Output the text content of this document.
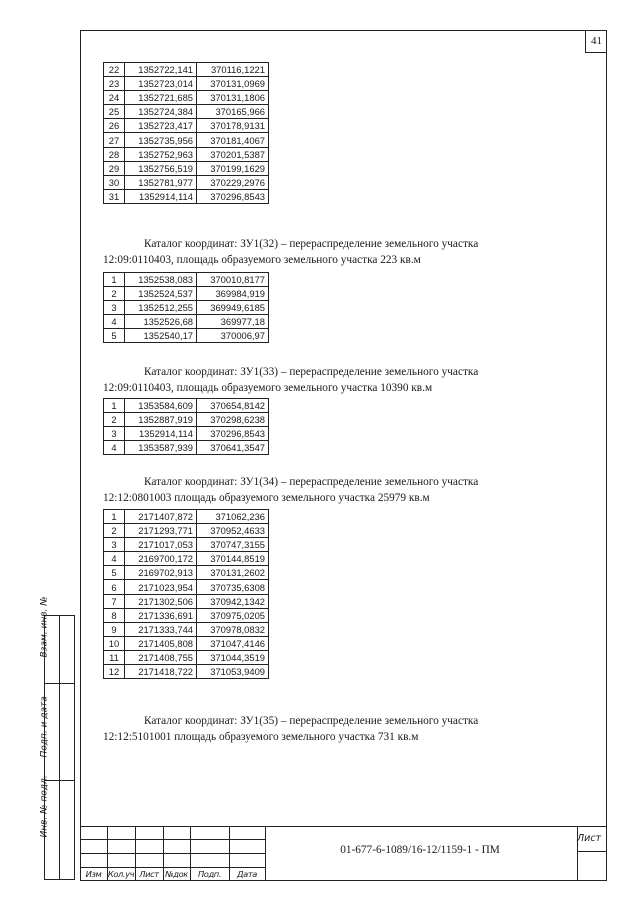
41
22	1352722,141	370116,1221
23	1352723,014	370131,0969
24	1352721,685	370131,1806
25	1352724,384	370165,966
26	1352723,417	370178,9131
27	1352735,956	370181,4067
28	1352752,963	370201,5387
29	1352756,519	370199,1629
30	1352781,977	370229,2976
31	1352914,114	370296,8543
1	1352538,083	370010,8177
2	1352524,537	369984,919
3	1352512,255	369949,6185
4	1352526,68	369977,18
5	1352540,17	370006,97
1	1353584,609	370654,8142
2	1352887,919	370298,6238
3	1352914,114	370296,8543
4	1353587,939	370641,3547
1	2171407,872	371062,236
2	2171293,771	370952,4633
3	2171017,053	370747,3155
4	2169700,172	370144,8519
5	2169702,913	370131,2602
6	2171023,954	370735,6308
7	2171302,506	370942,1342
8	2171336,691	370975,0205
9	2171333,744	370978,0832
10	2171405,808	371047,4146
11	2171408,755	371044,3519
12	2171418,722	371053,9409
Каталог координат: ЗУ1(32) – перераспределение земельного участка
12:09:0110403, площадь образуемого земельного участка 223 кв.м
Каталог координат: ЗУ1(33) – перераспределение земельного участка
12:09:0110403, площадь образуемого земельного участка 10390 кв.м
Каталог координат: ЗУ1(34) – перераспределение земельного участка
12:12:0801003 площадь образуемого земельного участка 25979 кв.м
Каталог координат: ЗУ1(35) – перераспределение земельного участка
12:12:5101001 площадь образуемого земельного участка 731 кв.м
Взам. инв. №
Подп. и дата
Инв. № подл.
Изм Кол.уч Лист №док	Подп.	Дата
01-677-6-1089/16-12/1159-1 - ПМ
Лист
